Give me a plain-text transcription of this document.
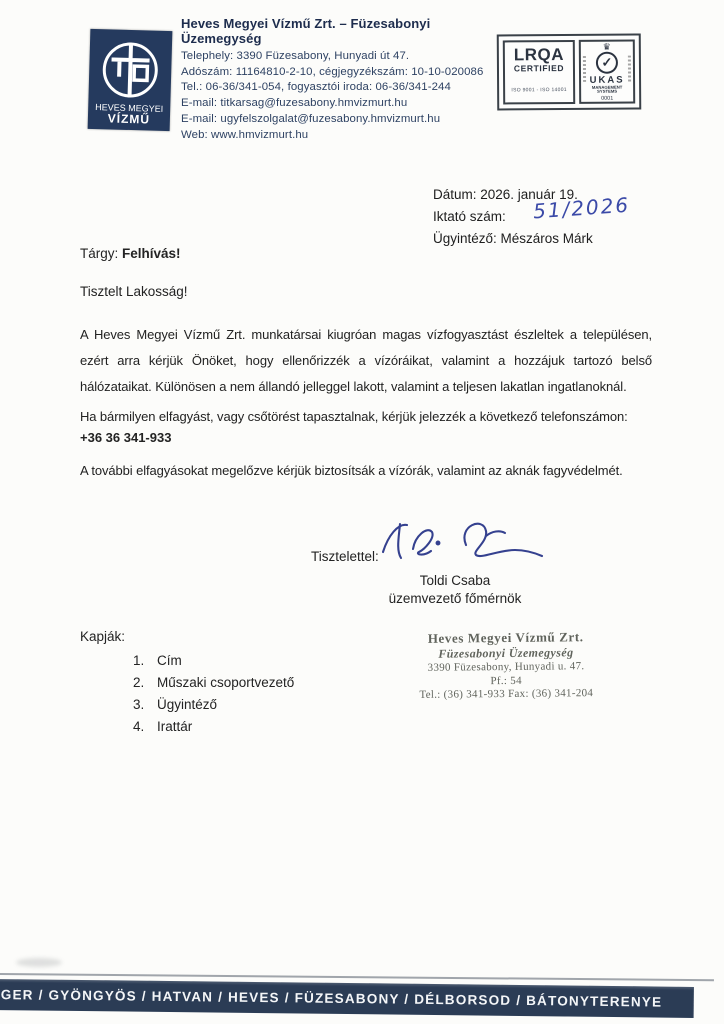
HEVES MEGYEI
VÍZMŰ
Heves Megyei Vízmű Zrt. – Füzesabonyi Üzemegység
Telephely: 3390 Füzesabony, Hunyadi út 47.
Adószám: 11164810-2-10, cégjegyzékszám: 10-10-020086
Tel.: 06-36/341-054, fogyasztói iroda: 06-36/341-244
E-mail: titkarsag@fuzesabony.hmvizmurt.hu
E-mail: ugyfelszolgalat@fuzesabony.hmvizmurt.hu
Web: www.hmvizmurt.hu
LRQA
CERTIFIED
ISO 9001 - ISO 14001
♛
✓
UKAS
MANAGEMENT
SYSTEMS
0001
Dátum: 2026. január 19.
Iktató szám: 51/2026
Ügyintéző: Mészáros Márk
Tárgy: Felhívás!
Tisztelt Lakosság!
A Heves Megyei Vízmű Zrt. munkatársai kiugróan magas vízfogyasztást észleltek a településen, ezért arra kérjük Önöket, hogy ellenőrizzék a vízóráikat, valamint a hozzájuk tartozó belső hálózataikat. Különösen a nem állandó jelleggel lakott, valamint a teljesen lakatlan ingatlanoknál.
Ha bármilyen elfagyást, vagy csőtörést tapasztalnak, kérjük jelezzék a következő telefonszámon:
+36 36 341-933
A további elfagyásokat megelőzve kérjük biztosítsák a vízórák, valamint az aknák fagyvédelmét.
Tisztelettel:
Toldi Csaba
üzemvezető főmérnök
Kapják:
1. Cím
2. Műszaki csoportvezető
3. Ügyintéző
4. Irattár
Heves Megyei Vízmű Zrt.
Füzesabonyi Üzemegység
3390 Füzesabony, Hunyadi u. 47.
Pf.: 54
Tel.: (36) 341-933 Fax: (36) 341-204
GER / GYÖNGYÖS / HATVAN / HEVES / FÜZESABONY / DÉLBORSOD / BÁTONYTERENYE
